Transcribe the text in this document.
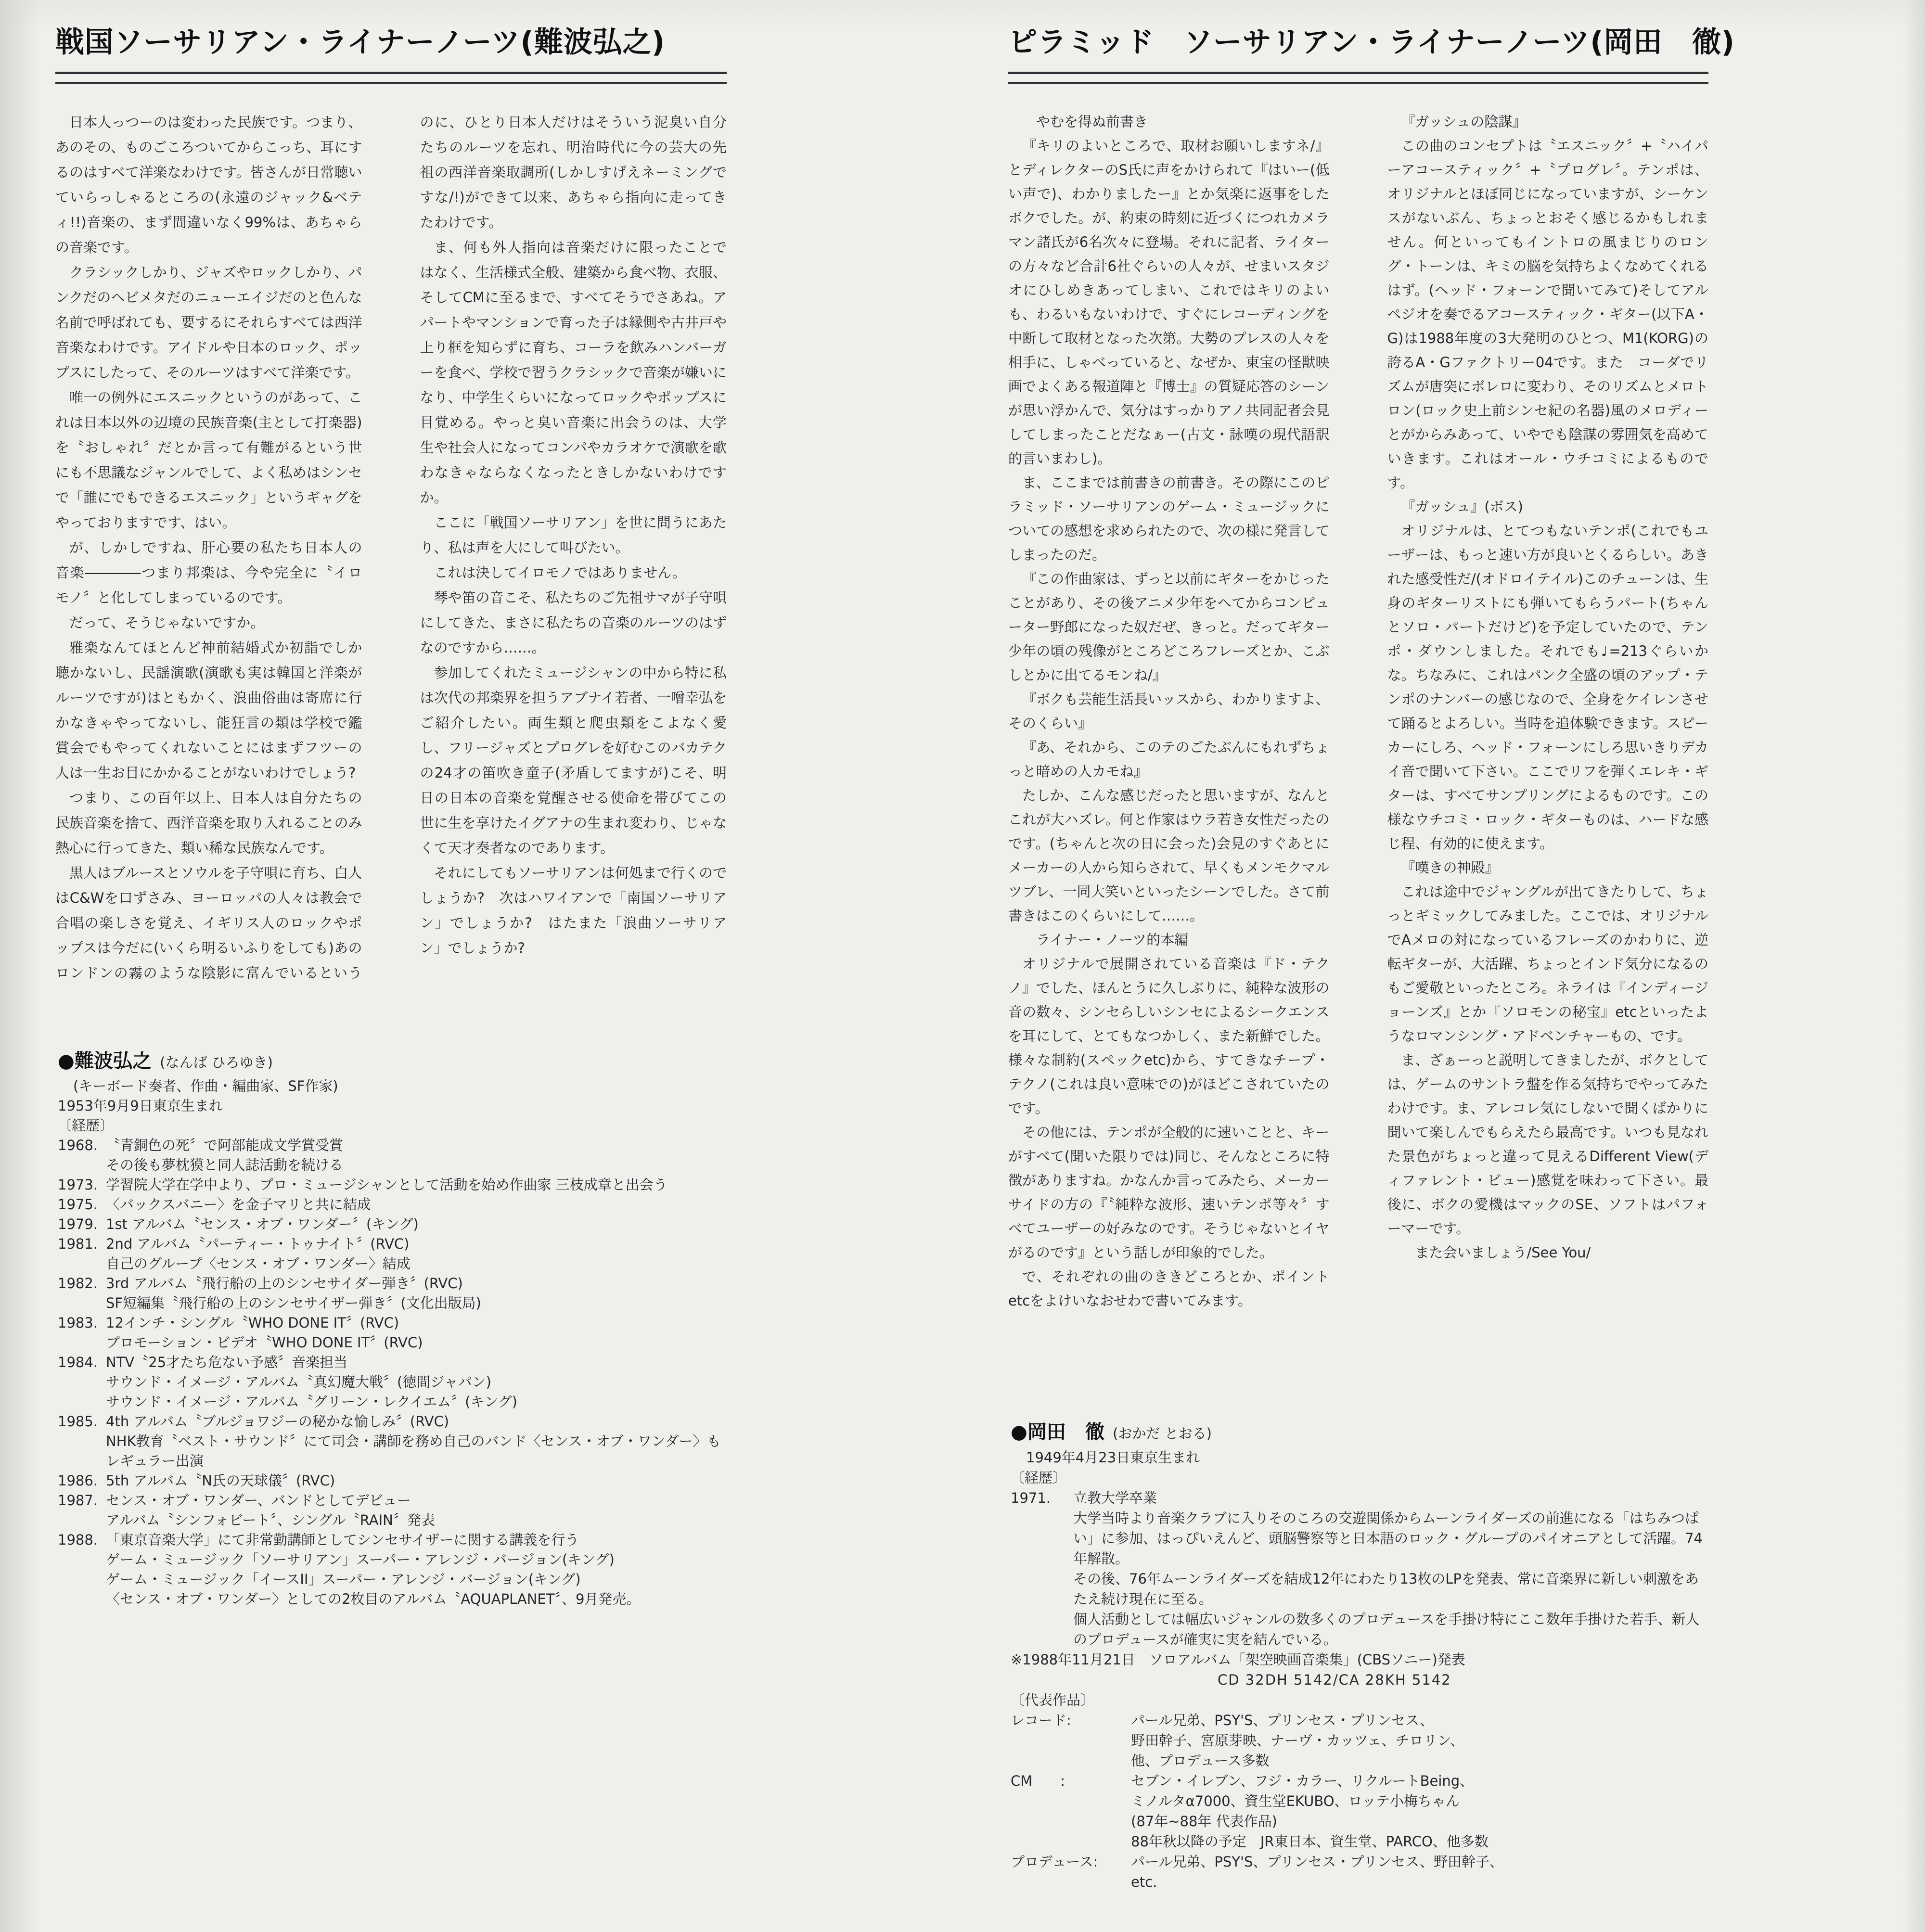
戦国ソーサリアン・ライナーノーツ(難波弘之)

日本人っつーのは変わった民族です。つまり、あのその、ものごころついてからこっち、耳にするのはすべて洋楽なわけです。皆さんが日常聴いていらっしゃるところの(永遠のジャック&ベティ!!)音楽の、まず間違いなく99%は、あちゃらの音楽です。

クラシックしかり、ジャズやロックしかり、パンクだのヘビメタだのニューエイジだのと色んな名前で呼ばれても、要するにそれらすべては西洋音楽なわけです。アイドルや日本のロック、ポップスにしたって、そのルーツはすべて洋楽です。

唯一の例外にエスニックというのがあって、これは日本以外の辺境の民族音楽(主として打楽器)を〝おしゃれ〞だとか言って有難がるという世にも不思議なジャンルでして、よく私めはシンセで「誰にでもできるエスニック」というギャグをやっておりますです、はい。

が、しかしですね、肝心要の私たち日本人の音楽――――つまり邦楽は、今や完全に〝イロモノ〞と化してしまっているのです。

だって、そうじゃないですか。

雅楽なんてほとんど神前結婚式か初詣でしか聴かないし、民謡演歌(演歌も実は韓国と洋楽がルーツですが)はともかく、浪曲俗曲は寄席に行かなきゃやってないし、能狂言の類は学校で鑑賞会でもやってくれないことにはまずフツーの人は一生お目にかかることがないわけでしょう?

つまり、この百年以上、日本人は自分たちの民族音楽を捨て、西洋音楽を取り入れることのみ熱心に行ってきた、類い稀な民族なんです。

黒人はブルースとソウルを子守唄に育ち、白人はC&Wを口ずさみ、ヨーロッパの人々は教会で合唱の楽しさを覚え、イギリス人のロックやポップスは今だに(いくら明るいふりをしても)あのロンドンの霧のような陰影に富んでいるというのに、ひとり日本人だけはそういう泥臭い自分たちのルーツを忘れ、明治時代に今の芸大の先祖の西洋音楽取調所(しかしすげえネーミングですな/!)ができて以来、あちゃら指向に走ってきたわけです。

ま、何も外人指向は音楽だけに限ったことではなく、生活様式全般、建築から食べ物、衣服、そしてCMに至るまで、すべてそうでさあね。アパートやマンションで育った子は縁側や古井戸や上り框を知らずに育ち、コーラを飲みハンバーガーを食べ、学校で習うクラシックで音楽が嫌いになり、中学生くらいになってロックやポップスに目覚める。やっと臭い音楽に出会うのは、大学生や社会人になってコンパやカラオケで演歌を歌わなきゃならなくなったときしかないわけですか。

ここに「戦国ソーサリアン」を世に問うにあたり、私は声を大にして叫びたい。

これは決してイロモノではありません。

琴や笛の音こそ、私たちのご先祖サマが子守唄にしてきた、まさに私たちの音楽のルーツのはずなのですから……。

参加してくれたミュージシャンの中から特に私は次代の邦楽界を担うアブナイ若者、一噌幸弘をご紹介したい。両生類と爬虫類をこよなく愛し、フリージャズとプログレを好むこのバカテクの24才の笛吹き童子(矛盾してますが)こそ、明日の日本の音楽を覚醒させる使命を帯びてこの世に生を享けたイグアナの生まれ変わり、じゃなくて天才奏者なのであります。

それにしてもソーサリアンは何処まで行くのでしょうか?　次はハワイアンで「南国ソーサリアン」でしょうか?　はたまた「浪曲ソーサリアン」でしょうか?

●難波弘之 (なんば ひろゆき)
(キーボード奏者、作曲・編曲家、SF作家)
1953年9月9日東京生まれ
〔経歴〕
1968. 〝青銅色の死〞で阿部能成文学賞受賞
その後も夢枕獏と同人誌活動を続ける
1973. 学習院大学在学中より、プロ・ミュージシャンとして活動を始め作曲家 三枝成章と出会う
1975. 〈バックスバニー〉を金子マリと共に結成
1979. 1st アルバム〝センス・オブ・ワンダー〞(キング)
1981. 2nd アルバム〝パーティー・トゥナイト〞(RVC)
自己のグループ〈センス・オブ・ワンダー〉結成
1982. 3rd アルバム〝飛行船の上のシンセサイダー弾き〞(RVC)
SF短編集〝飛行船の上のシンセサイザー弾き〞(文化出版局)
1983. 12インチ・シングル〝WHO DONE IT〞(RVC)
プロモーション・ビデオ〝WHO DONE IT〞(RVC)
1984. NTV〝25才たち危ない予感〞音楽担当
サウンド・イメージ・アルバム〝真幻魔大戦〞(徳間ジャパン)
サウンド・イメージ・アルバム〝グリーン・レクイエム〞(キング)
1985. 4th アルバム〝ブルジョワジーの秘かな愉しみ〞(RVC)
NHK教育〝ベスト・サウンド〞にて司会・講師を務め自己のバンド〈センス・オブ・ワンダー〉もレギュラー出演
1986. 5th アルバム〝N氏の天球儀〞(RVC)
1987. センス・オブ・ワンダー、バンドとしてデビュー
アルバム〝シンフォビート〞、シングル〝RAIN〞発表
1988. 「東京音楽大学」にて非常勤講師としてシンセサイザーに関する講義を行う
ゲーム・ミュージック「ソーサリアン」スーパー・アレンジ・バージョン(キング)
ゲーム・ミュージック「イースII」スーパー・アレンジ・バージョン(キング)
〈センス・オブ・ワンダー〉としての2枚目のアルバム〝AQUAPLANET〞、9月発売。
ピラミッド　ソーサリアン・ライナーノーツ(岡田　徹)

　やむを得ぬ前書き

『キリのよいところで、取材お願いしますネ/』とディレクターのS氏に声をかけられて『はいー(低い声で)、わかりましたー』とか気楽に返事をしたボクでした。が、約束の時刻に近づくにつれカメラマン諸氏が6名次々に登場。それに記者、ライターの方々など合計6社ぐらいの人々が、せまいスタジオにひしめきあってしまい、これではキリのよいも、わるいもないわけで、すぐにレコーディングを中断して取材となった次第。大勢のプレスの人々を相手に、しゃべっていると、なぜか、東宝の怪獣映画でよくある報道陣と『博士』の質疑応答のシーンが思い浮かんで、気分はすっかりアノ共同記者会見してしまったことだなぁー(古文・詠嘆の現代語訳的言いまわし)。

ま、ここまでは前書きの前書き。その際にこのピラミッド・ソーサリアンのゲーム・ミュージックについての感想を求められたので、次の様に発言してしまったのだ。

『この作曲家は、ずっと以前にギターをかじったことがあり、その後アニメ少年をへてからコンピューター野郎になった奴だぜ、きっと。だってギター少年の頃の残像がところどころフレーズとか、こぶしとかに出てるモンね/』

『ボクも芸能生活長いッスから、わかりますよ、そのくらい』

『あ、それから、このテのごたぶんにもれずちょっと暗めの人カモね』

たしか、こんな感じだったと思いますが、なんとこれが大ハズレ。何と作家はウラ若き女性だったのです。(ちゃんと次の日に会った)会見のすぐあとにメーカーの人から知らされて、早くもメンモクマルツブレ、一同大笑いといったシーンでした。さて前書きはこのくらいにして……。

　ライナー・ノーツ的本編

オリジナルで展開されている音楽は『ド・テクノ』でした、ほんとうに久しぶりに、純粋な波形の音の数々、シンセらしいシンセによるシークエンスを耳にして、とてもなつかしく、また新鮮でした。様々な制約(スペックetc)から、すてきなチープ・テクノ(これは良い意味での)がほどこされていたのです。

その他には、テンポが全般的に速いことと、キーがすべて(聞いた限りでは)同じ、そんなところに特徴がありますね。かなんか言ってみたら、メーカーサイドの方の『〝純粋な波形、速いテンポ等々〞すべてユーザーの好みなのです。そうじゃないとイヤがるのです』という話しが印象的でした。

で、それぞれの曲のききどころとか、ポイントetcをよけいなおせわで書いてみます。

『ガッシュの陰謀』

この曲のコンセプトは〝エスニック〞+〝ハイパーアコースティック〞+〝プログレ〞。テンポは、オリジナルとほぼ同じになっていますが、シーケンスがないぶん、ちょっとおそく感じるかもしれません。何といってもイントロの風まじりのロング・トーンは、キミの脳を気持ちよくなめてくれるはず。(ヘッド・フォーンで聞いてみて)そしてアルペジオを奏でるアコースティック・ギター(以下A・G)は1988年度の3大発明のひとつ、M1(KORG)の誇るA・Gファクトリー04です。また　コーダでリズムが唐突にボレロに変わり、そのリズムとメロトロン(ロック史上前シンセ紀の名器)風のメロディーとがからみあって、いやでも陰謀の雰囲気を高めていきます。これはオール・ウチコミによるものです。

『ガッシュ』(ボス)

オリジナルは、とてつもないテンポ(これでもユーザーは、もっと速い方が良いとくるらしい。あきれた感受性だ/(オドロイテイル)このチューンは、生身のギターリストにも弾いてもらうパート(ちゃんとソロ・パートだけど)を予定していたので、テンポ・ダウンしました。それでも♩=213ぐらいかな。ちなみに、これはパンク全盛の頃のアップ・テンポのナンバーの感じなので、全身をケイレンさせて踊るとよろしい。当時を追体験できます。スピーカーにしろ、ヘッド・フォーンにしろ思いきりデカイ音で聞いて下さい。ここでリフを弾くエレキ・ギターは、すべてサンプリングによるものです。この様なウチコミ・ロック・ギターものは、ハードな感じ程、有効的に使えます。

『嘆きの神殿』

これは途中でジャングルが出てきたりして、ちょっとギミックしてみました。ここでは、オリジナルでAメロの対になっているフレーズのかわりに、逆転ギターが、大活躍、ちょっとインド気分になるのもご愛敬といったところ。ネライは『インディージョーンズ』とか『ソロモンの秘宝』etcといったようなロマンシング・アドベンチャーもの、です。

ま、ざぁーっと説明してきましたが、ボクとしては、ゲームのサントラ盤を作る気持ちでやってみたわけです。ま、アレコレ気にしないで聞くばかりに聞いて楽しんでもらえたら最高です。いつも見なれた景色がちょっと違って見えるDifferent View(ディファレント・ビュー)感覚を味わって下さい。最後に、ボクの愛機はマックのSE、ソフトはパフォーマーです。

　また会いましょう/See You/

●岡田　徹 (おかだ とおる)
1949年4月23日東京生まれ
〔経歴〕
1971.	立教大学卒業
大学当時より音楽クラブに入りそのころの交遊関係からムーンライダーズの前進になる「はちみつぱい」に参加、はっぴいえんど、頭脳警察等と日本語のロック・グループのパイオニアとして活躍。74年解散。
その後、76年ムーンライダーズを結成12年にわたり13枚のLPを発表、常に音楽界に新しい刺激をあたえ続け現在に至る。
個人活動としては幅広いジャンルの数多くのプロデュースを手掛け特にここ数年手掛けた若手、新人のプロデュースが確実に実を結んでいる。
※1988年11月21日　ソロアルバム「架空映画音楽集」(CBSソニー)発表
CD 32DH 5142/CA 28KH 5142
〔代表作品〕
レコード:	パール兄弟、PSY'S、プリンセス・プリンセス、
野田幹子、宮原芽映、ナーヴ・カッツェ、チロリン、
他、プロデュース多数
CM　　:	セブン・イレブン、フジ・カラー、リクルートBeing、
ミノルタα7000、資生堂EKUBO、ロッテ小梅ちゃん
(87年~88年 代表作品)
88年秋以降の予定　JR東日本、資生堂、PARCO、他多数
プロデュース:	パール兄弟、PSY'S、プリンセス・プリンセス、野田幹子、
etc.
